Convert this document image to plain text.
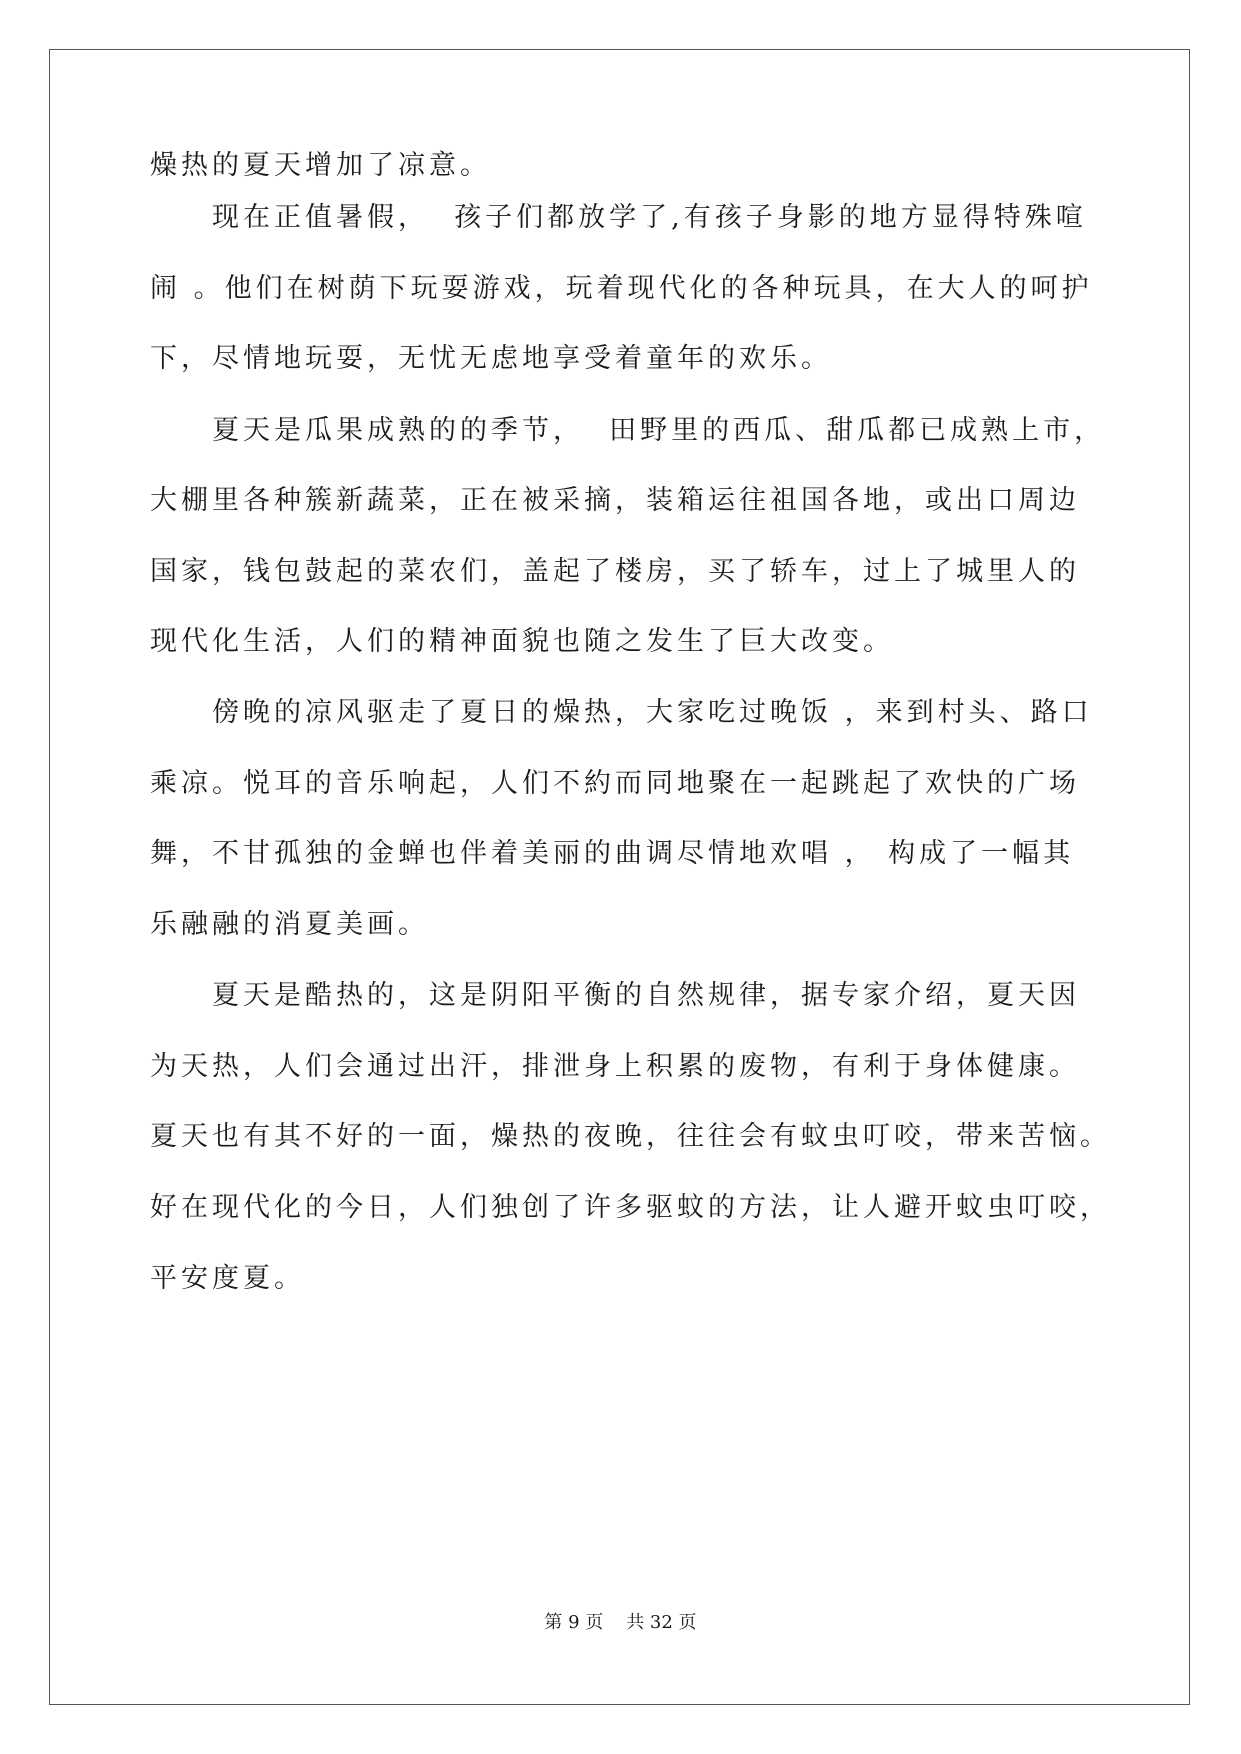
燥热的夏天增加了凉意。

现在正值暑假，  孩子们都放学了,有孩子身影的地方显得特殊喧

闹 。他们在树荫下玩耍游戏，玩着现代化的各种玩具，在大人的呵护

下，尽情地玩耍，无忧无虑地享受着童年的欢乐。

夏天是瓜果成熟的的季节，  田野里的西瓜、甜瓜都已成熟上市，

大棚里各种簇新蔬菜，正在被采摘，装箱运往祖国各地，或出口周边

国家，钱包鼓起的菜农们，盖起了楼房，买了轿车，过上了城里人的

现代化生活，人们的精神面貌也随之发生了巨大改变。

傍晚的凉风驱走了夏日的燥热，大家吃过晚饭 ，来到村头、路口

乘凉。悦耳的音乐响起，人们不約而同地聚在一起跳起了欢快的广场

舞，不甘孤独的金蝉也伴着美丽的曲调尽情地欢唱 ， 构成了一幅其

乐融融的消夏美画。

夏天是酷热的，这是阴阳平衡的自然规律，据专家介绍，夏天因

为天热，人们会通过出汗，排泄身上积累的废物，有利于身体健康。

夏天也有其不好的一面，燥热的夜晚，往往会有蚊虫叮咬，带来苦恼。

好在现代化的今日，人们独创了许多驱蚊的方法，让人避开蚊虫叮咬，

平安度夏。

第 9 页    共 32 页
